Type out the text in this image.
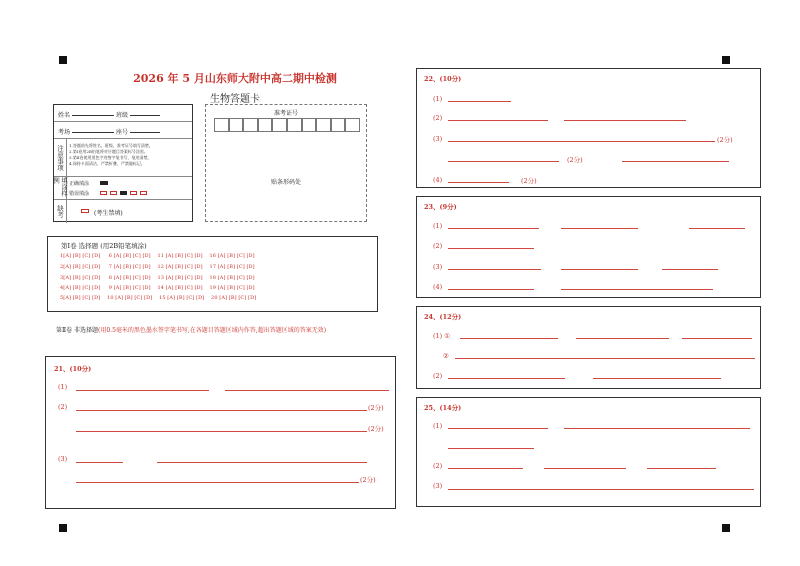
2026 年 5 月山东师大附中高二期中检测
生物答题卡
姓名	班级
考场	座号
注意事项	1.答题前先将姓名、班级、准考证号填写清楚。
2.第Ⅰ卷用2B铅笔将对应题目答案标号涂黑。
3.第Ⅱ卷使用黑色字迹签字笔书写，笔迹清楚。
4.保持卡面清洁，严禁折叠，严禁做标记。
填涂样例
正确填涂
错误填涂
缺考	(考生禁填)
准考证号
贴条形码处
第Ⅰ卷 选择题 (用2B铅笔填涂)
1[A] [B] [C] [D]     6 [A] [B] [C] [D]    11 [A] [B] [C] [D]    16 [A] [B] [C] [D]
2[A] [B] [C] [D]     7 [A] [B] [C] [D]    12 [A] [B] [C] [D]    17 [A] [B] [C] [D]
3[A] [B] [C] [D]     8 [A] [B] [C] [D]    13 [A] [B] [C] [D]    18 [A] [B] [C] [D]
4[A] [B] [C] [D]     9 [A] [B] [C] [D]    14 [A] [B] [C] [D]    19 [A] [B] [C] [D]
5[A] [B] [C] [D]    10 [A] [B] [C] [D]    15 [A] [B] [C] [D]    20 [A] [B] [C] [D]
第Ⅱ卷 非选择题(用0.5毫米的黑色墨水签字笔书写,在各题目答题区域内作答,超出答题区域的答案无效)
21、(10分)
(1)
(2)	(2分)
(2分)
(3)
(2分)
22、(10分)
(1)
(2)
(3)	(2分)
(2分)
(4)	(2分)
23、(9分)
(1)
(2)
(3)
(4)
24、(12分)
(1) ①
②
(2)
25、(14分)
(1)
(2)
(3)
